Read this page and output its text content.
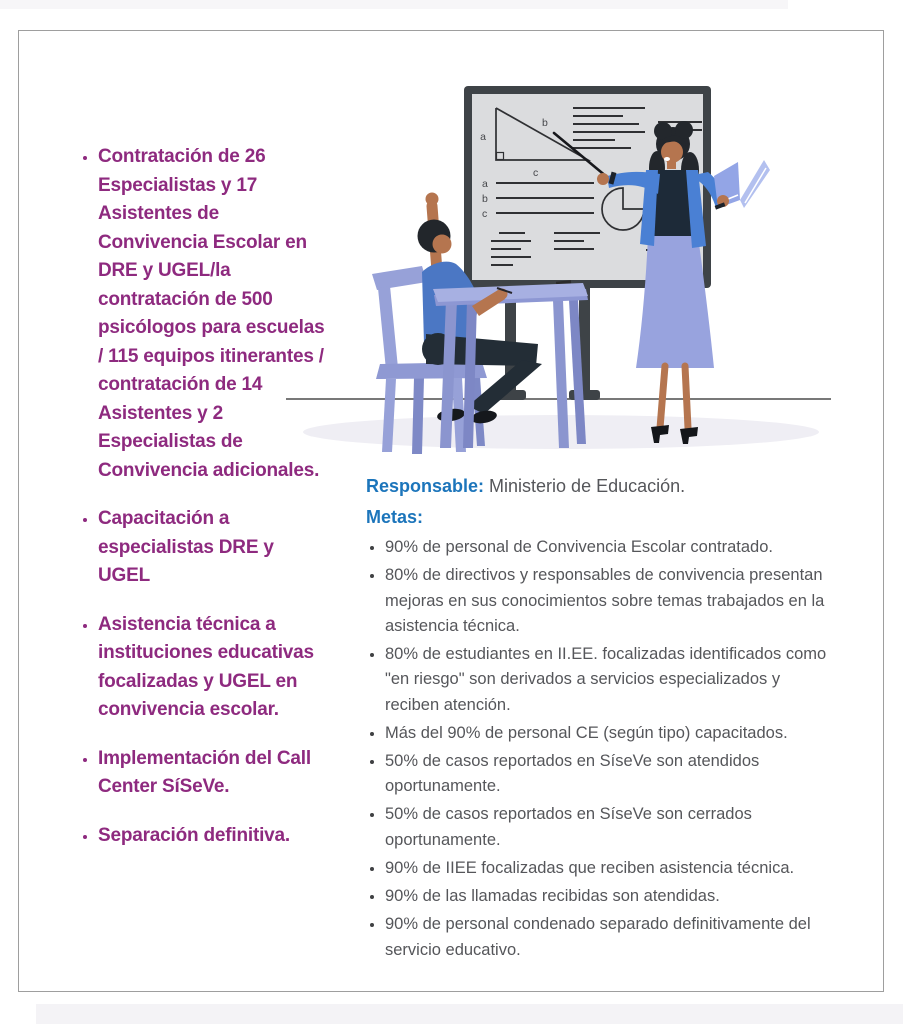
a
b
c
a
b
c
• Contratación de 26 Especialistas y 17 Asistentes de Convivencia Escolar en DRE y UGEL/la contratación de 500 psicólogos para escuelas / 115 equipos itinerantes / contratación de 14 Asistentes y 2 Especialistas de Convivencia adicionales.
• Capacitación a especialistas DRE y UGEL
• Asistencia técnica a instituciones educativas focalizadas y UGEL en convivencia escolar.
• Implementación del Call Center SíSeVe.
• Separación definitiva.
Responsable: Ministerio de Educación.
Metas:
• 90% de personal de Convivencia Escolar contratado.
• 80% de directivos y responsables de convivencia presentan mejoras en sus conocimientos sobre temas trabajados en la asistencia técnica.
• 80% de estudiantes en II.EE. focalizadas identificados como "en riesgo" son derivados a servicios especializados y reciben atención.
• Más del 90% de personal CE (según tipo) capacitados.
• 50% de casos reportados en SíseVe son atendidos oportunamente.
• 50% de casos reportados en SíseVe son cerrados oportunamente.
• 90% de IIEE focalizadas que reciben asistencia técnica.
• 90% de las llamadas recibidas son atendidas.
• 90% de personal condenado separado definitivamente del servicio educativo.
